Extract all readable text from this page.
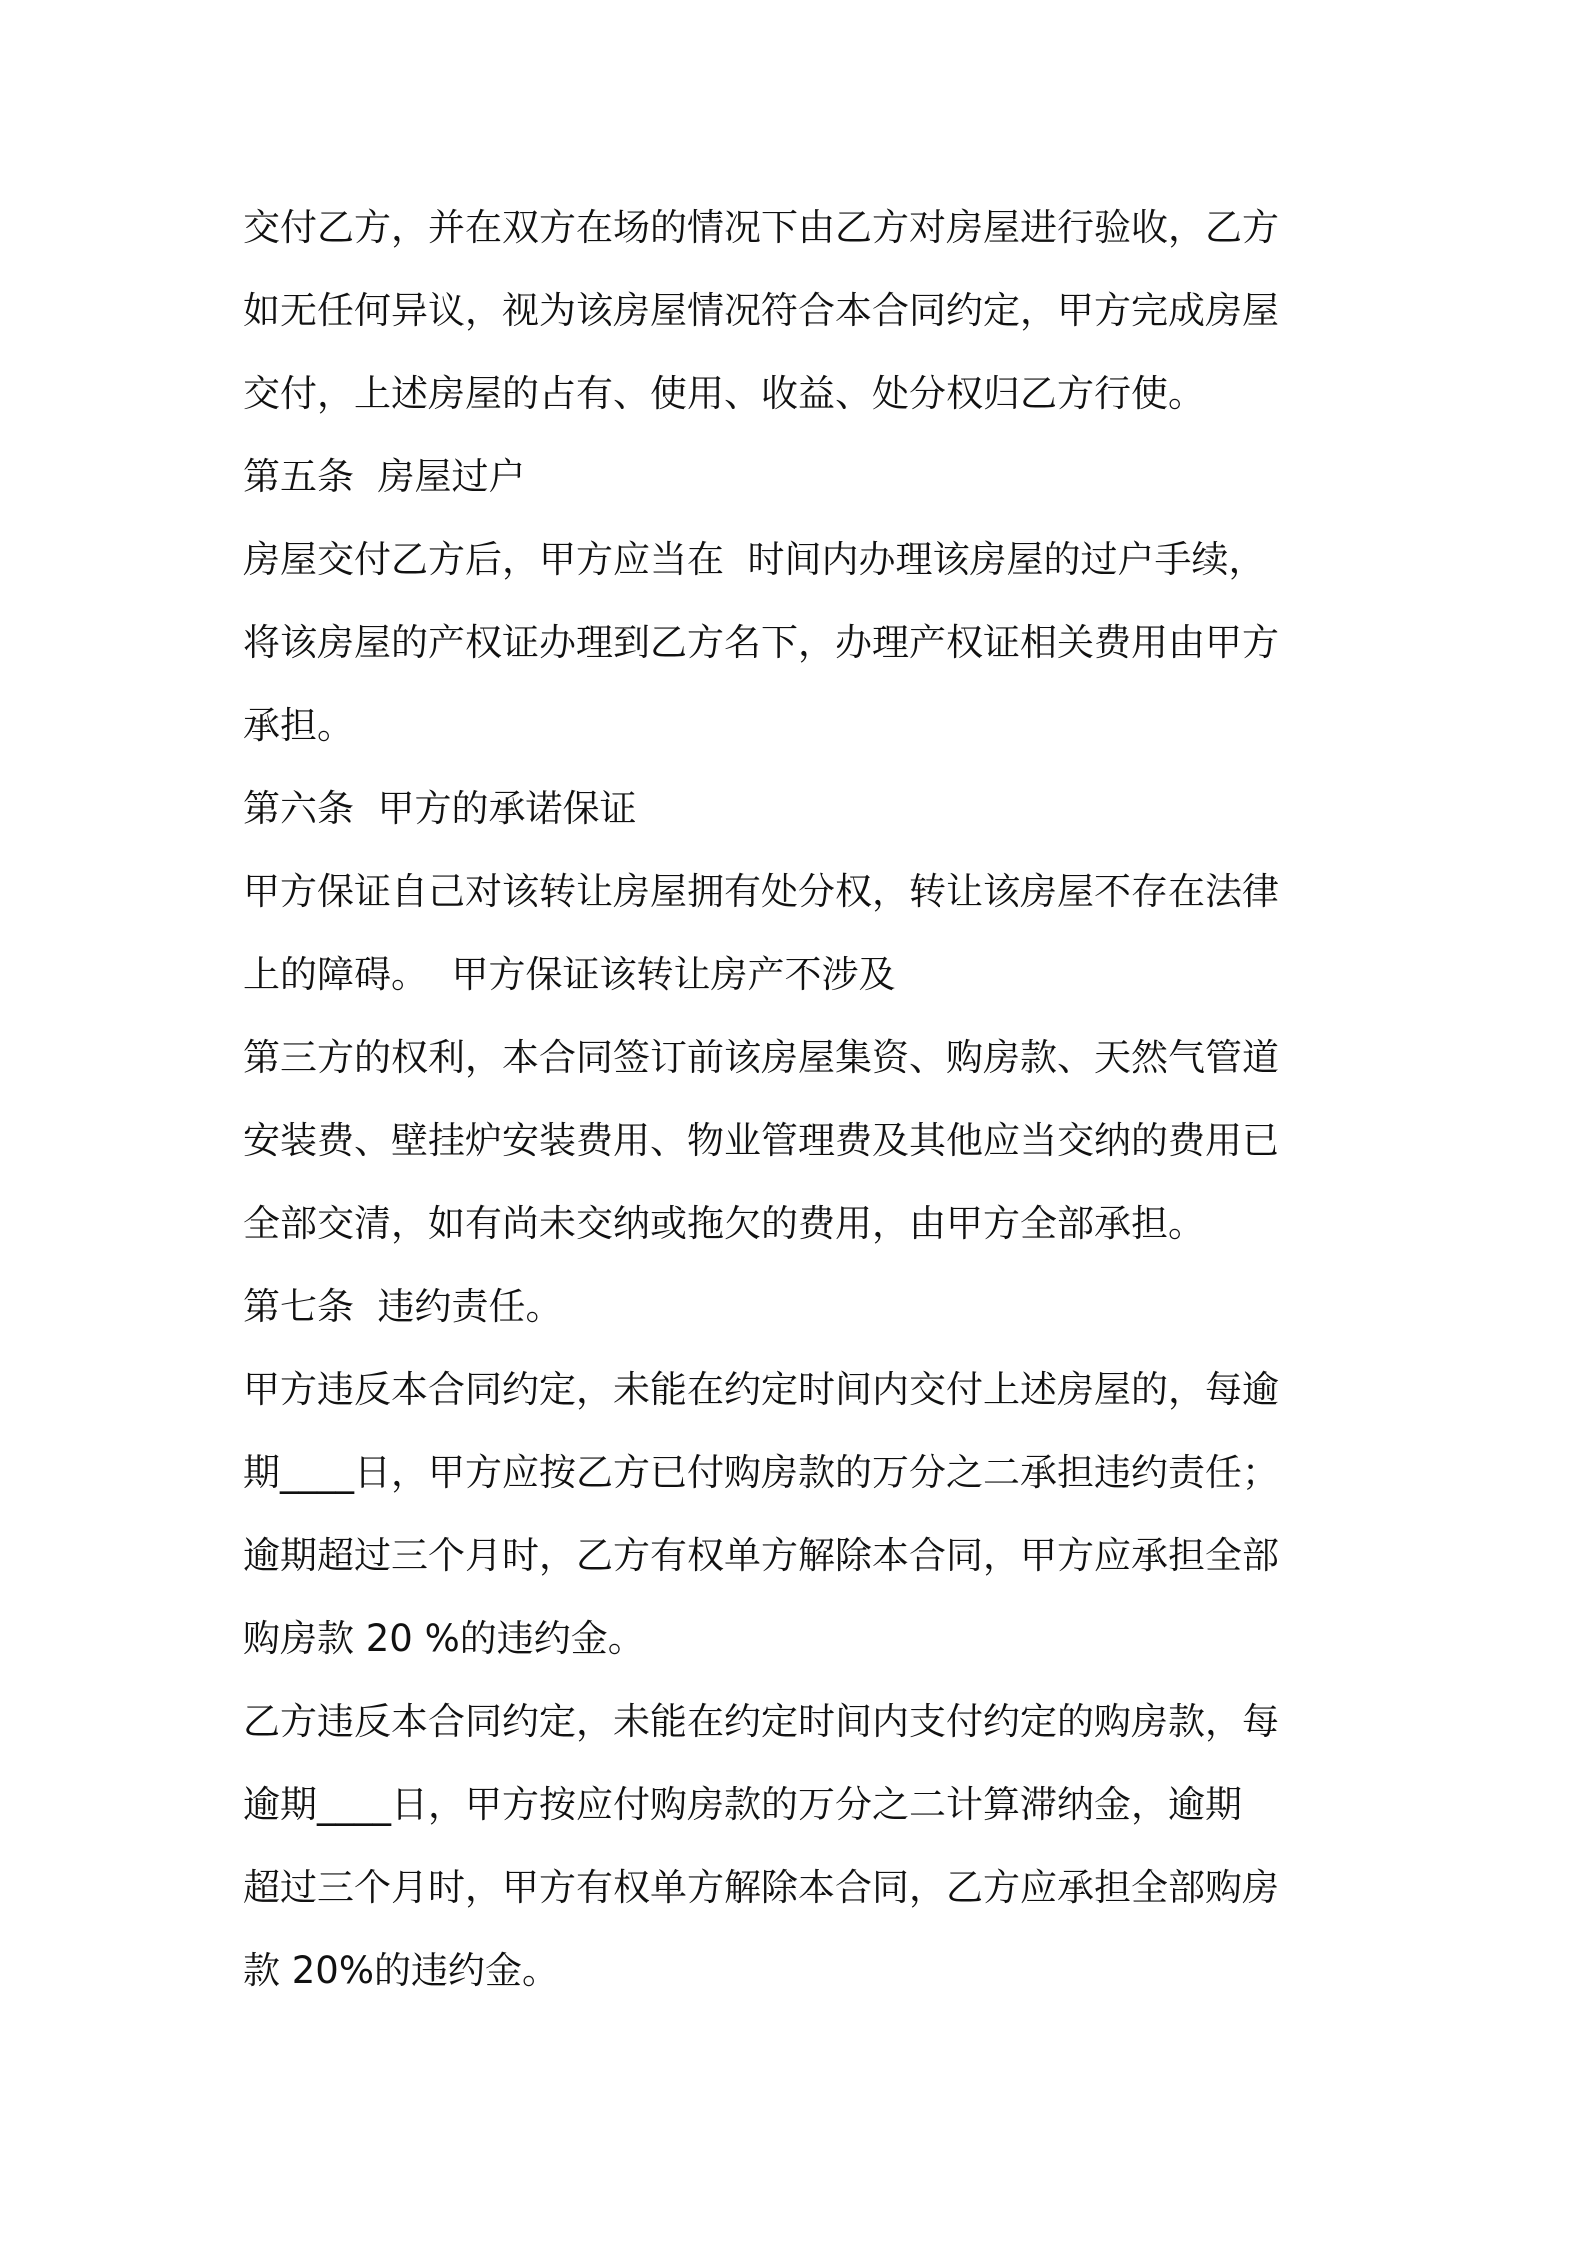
交付乙方，并在双方在场的情况下由乙方对房屋进行验收，乙方
如无任何异议，视为该房屋情况符合本合同约定，甲方完成房屋
交付，上述房屋的占有、使用、收益、处分权归乙方行使。
第五条  房屋过户
房屋交付乙方后，甲方应当在  时间内办理该房屋的过户手续，
将该房屋的产权证办理到乙方名下，办理产权证相关费用由甲方
承担。
第六条  甲方的承诺保证
甲方保证自己对该转让房屋拥有处分权，转让该房屋不存在法律
上的障碍。  甲方保证该转让房产不涉及
第三方的权利，本合同签订前该房屋集资、购房款、天然气管道
安装费、壁挂炉安装费用、物业管理费及其他应当交纳的费用已
全部交清，如有尚未交纳或拖欠的费用，由甲方全部承担。
第七条  违约责任。
甲方违反本合同约定，未能在约定时间内交付上述房屋的，每逾
期____日，甲方应按乙方已付购房款的万分之二承担违约责任；
逾期超过三个月时，乙方有权单方解除本合同，甲方应承担全部
购房款 20 %的违约金。
乙方违反本合同约定，未能在约定时间内支付约定的购房款，每
逾期____日，甲方按应付购房款的万分之二计算滞纳金，逾期
超过三个月时，甲方有权单方解除本合同，乙方应承担全部购房
款 20%的违约金。
